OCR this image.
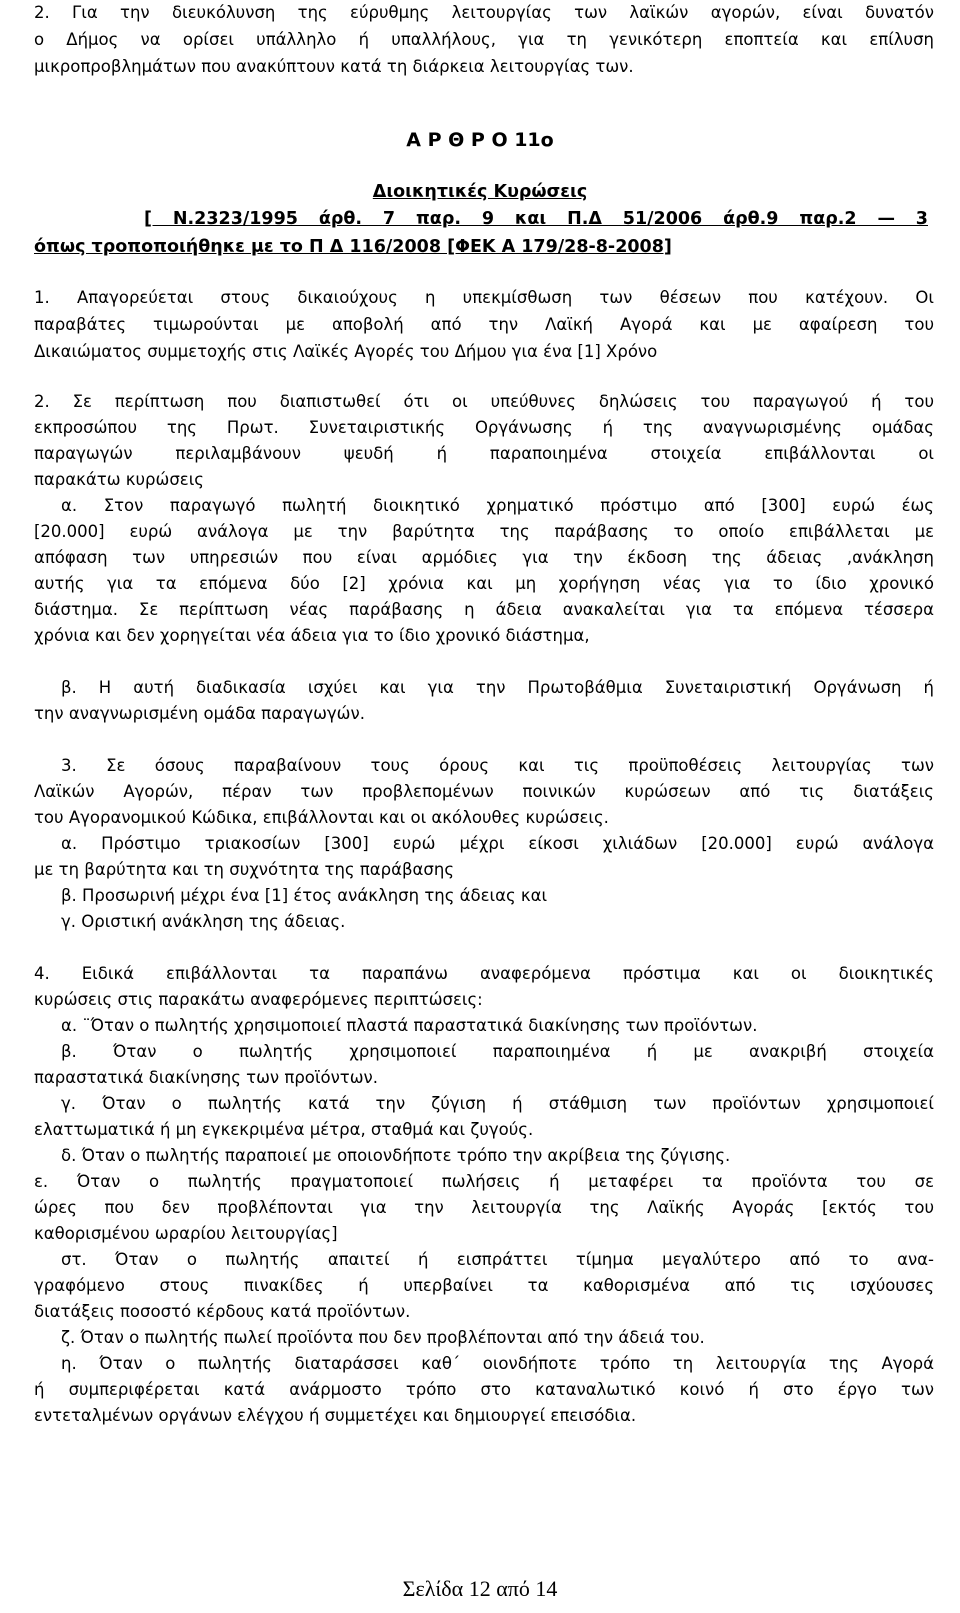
2. Για την διευκόλυνση της εύρυθμης λειτουργίας των λαϊκών αγορών, είναι δυνατόν

ο Δήμος να ορίσει υπάλληλο ή υπαλλήλους, για τη γενικότερη εποπτεία και επίλυση

μικροπροβλημάτων που ανακύπτουν κατά τη διάρκεια λειτουργίας των.

Α Ρ Θ Ρ Ο 11ο

Διοικητικές Κυρώσεις

[ Ν.2323/1995 άρθ. 7 παρ. 9 και Π.Δ 51/2006 άρθ.9 παρ.2 — 3

όπως τροποποιήθηκε με το Π Δ 116/2008 [ΦΕΚ Α 179/28-8-2008]

1. Απαγορεύεται στους δικαιούχους η υπεκμίσθωση των θέσεων που κατέχουν. Οι

παραβάτες τιμωρούνται με αποβολή από την Λαϊκή Αγορά και με αφαίρεση του

Δικαιώματος συμμετοχής στις Λαϊκές Αγορές του Δήμου για ένα [1] Χρόνο

2. Σε περίπτωση που διαπιστωθεί ότι οι υπεύθυνες δηλώσεις του παραγωγού ή του

εκπροσώπου της Πρωτ. Συνεταιριστικής Οργάνωσης ή της αναγνωρισμένης ομάδας

παραγωγών περιλαμβάνουν ψευδή ή παραποιημένα στοιχεία επιβάλλονται οι

παρακάτω κυρώσεις

α. Στον παραγωγό πωλητή διοικητικό χρηματικό πρόστιμο από [300] ευρώ έως

[20.000] ευρώ ανάλογα με την βαρύτητα της παράβασης το οποίο επιβάλλεται με

απόφαση των υπηρεσιών που είναι αρμόδιες για την έκδοση της άδειας ,ανάκληση

αυτής για τα επόμενα δύο [2] χρόνια και μη χορήγηση νέας για το ίδιο χρονικό

διάστημα. Σε περίπτωση νέας παράβασης η άδεια ανακαλείται για τα επόμενα τέσσερα

χρόνια και δεν χορηγείται νέα άδεια για το ίδιο χρονικό διάστημα,

β. Η αυτή διαδικασία ισχύει και για την Πρωτοβάθμια Συνεταιριστική Οργάνωση ή

την αναγνωρισμένη ομάδα παραγωγών.

3. Σε όσους παραβαίνουν τους όρους και τις προϋποθέσεις λειτουργίας των

Λαϊκών Αγορών, πέραν των προβλεπομένων ποινικών κυρώσεων από τις διατάξεις

του Αγορανομικού Κώδικα, επιβάλλονται και οι ακόλουθες κυρώσεις.

α. Πρόστιμο τριακοσίων [300] ευρώ μέχρι είκοσι χιλιάδων [20.000] ευρώ ανάλογα

με τη βαρύτητα και τη συχνότητα της παράβασης

β. Προσωρινή μέχρι ένα [1] έτος ανάκληση της άδειας και

γ. Οριστική ανάκληση της άδειας.

4. Ειδικά επιβάλλονται τα παραπάνω αναφερόμενα πρόστιμα και οι διοικητικές

κυρώσεις στις παρακάτω αναφερόμενες περιπτώσεις:

α. ¨Όταν ο πωλητής χρησιμοποιεί πλαστά παραστατικά διακίνησης των προϊόντων.

β. Όταν ο πωλητής χρησιμοποιεί παραποιημένα ή με ανακριβή στοιχεία

παραστατικά διακίνησης των προϊόντων.

γ. Όταν ο πωλητής κατά την ζύγιση ή στάθμιση των προϊόντων χρησιμοποιεί

ελαττωματικά ή μη εγκεκριμένα μέτρα, σταθμά και ζυγούς.

δ. Όταν ο πωλητής παραποιεί με οποιονδήποτε τρόπο την ακρίβεια της ζύγισης.

ε. Όταν ο πωλητής πραγματοποιεί πωλήσεις ή μεταφέρει τα προϊόντα του σε

ώρες που δεν προβλέπονται για την λειτουργία της Λαϊκής Αγοράς [εκτός του

καθορισμένου ωραρίου λειτουργίας]

στ. Όταν ο πωλητής απαιτεί ή εισπράττει τίμημα μεγαλύτερο από το ανα-

γραφόμενο στους πινακίδες ή υπερβαίνει τα καθορισμένα από τις ισχύουσες

διατάξεις ποσοστό κέρδους κατά προϊόντων.

ζ. Όταν ο πωλητής πωλεί προϊόντα που δεν προβλέπονται από την άδειά του.

η. Όταν ο πωλητής διαταράσσει καθ΄ οιονδήποτε τρόπο τη λειτουργία της Αγορά

ή συμπεριφέρεται κατά ανάρμοστο τρόπο στο καταναλωτικό κοινό ή στο έργο των

εντεταλμένων οργάνων ελέγχου ή συμμετέχει και δημιουργεί επεισόδια.

Σελίδα 12 από 14
